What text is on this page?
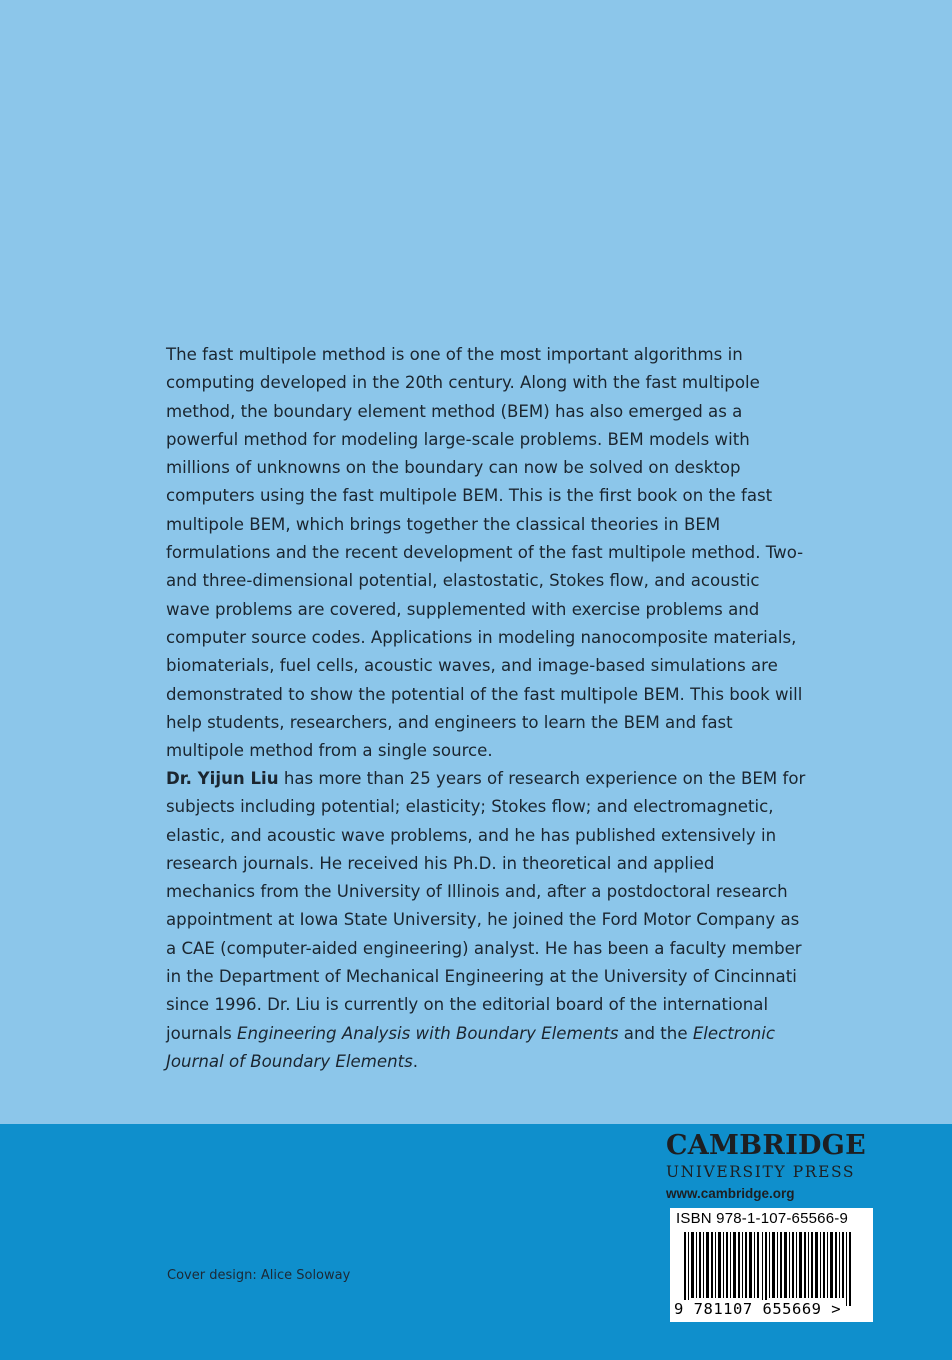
The fast multipole method is one of the most important algorithms in computing developed in the 20th century. Along with the fast multipole method, the boundary element method (BEM) has also emerged as a powerful method for modeling large-scale problems. BEM models with millions of unknowns on the boundary can now be solved on desktop computers using the fast multipole BEM. This is the first book on the fast multipole BEM, which brings together the classical theories in BEM formulations and the recent development of the fast multipole method. Two- and three-dimensional potential, elastostatic, Stokes flow, and acoustic wave problems are covered, supplemented with exercise problems and computer source codes. Applications in modeling nanocomposite materials, biomaterials, fuel cells, acoustic waves, and image-based simulations are demonstrated to show the potential of the fast multipole BEM. This book will help students, researchers, and engineers to learn the BEM and fast multipole method from a single source.

Dr. Yijun Liu has more than 25 years of research experience on the BEM for subjects including potential; elasticity; Stokes flow; and electromagnetic, elastic, and acoustic wave problems, and he has published extensively in research journals. He received his Ph.D. in theoretical and applied mechanics from the University of Illinois and, after a postdoctoral research appointment at Iowa State University, he joined the Ford Motor Company as a CAE (computer-aided engineering) analyst. He has been a faculty member in the Department of Mechanical Engineering at the University of Cincinnati since 1996. Dr. Liu is currently on the editorial board of the international journals Engineering Analysis with Boundary Elements and the Electronic Journal of Boundary Elements.

CAMBRIDGE
UNIVERSITY PRESS
www.cambridge.org
ISBN 978-1-107-65566-9
9 781107 655669 >
Cover design: Alice Soloway
